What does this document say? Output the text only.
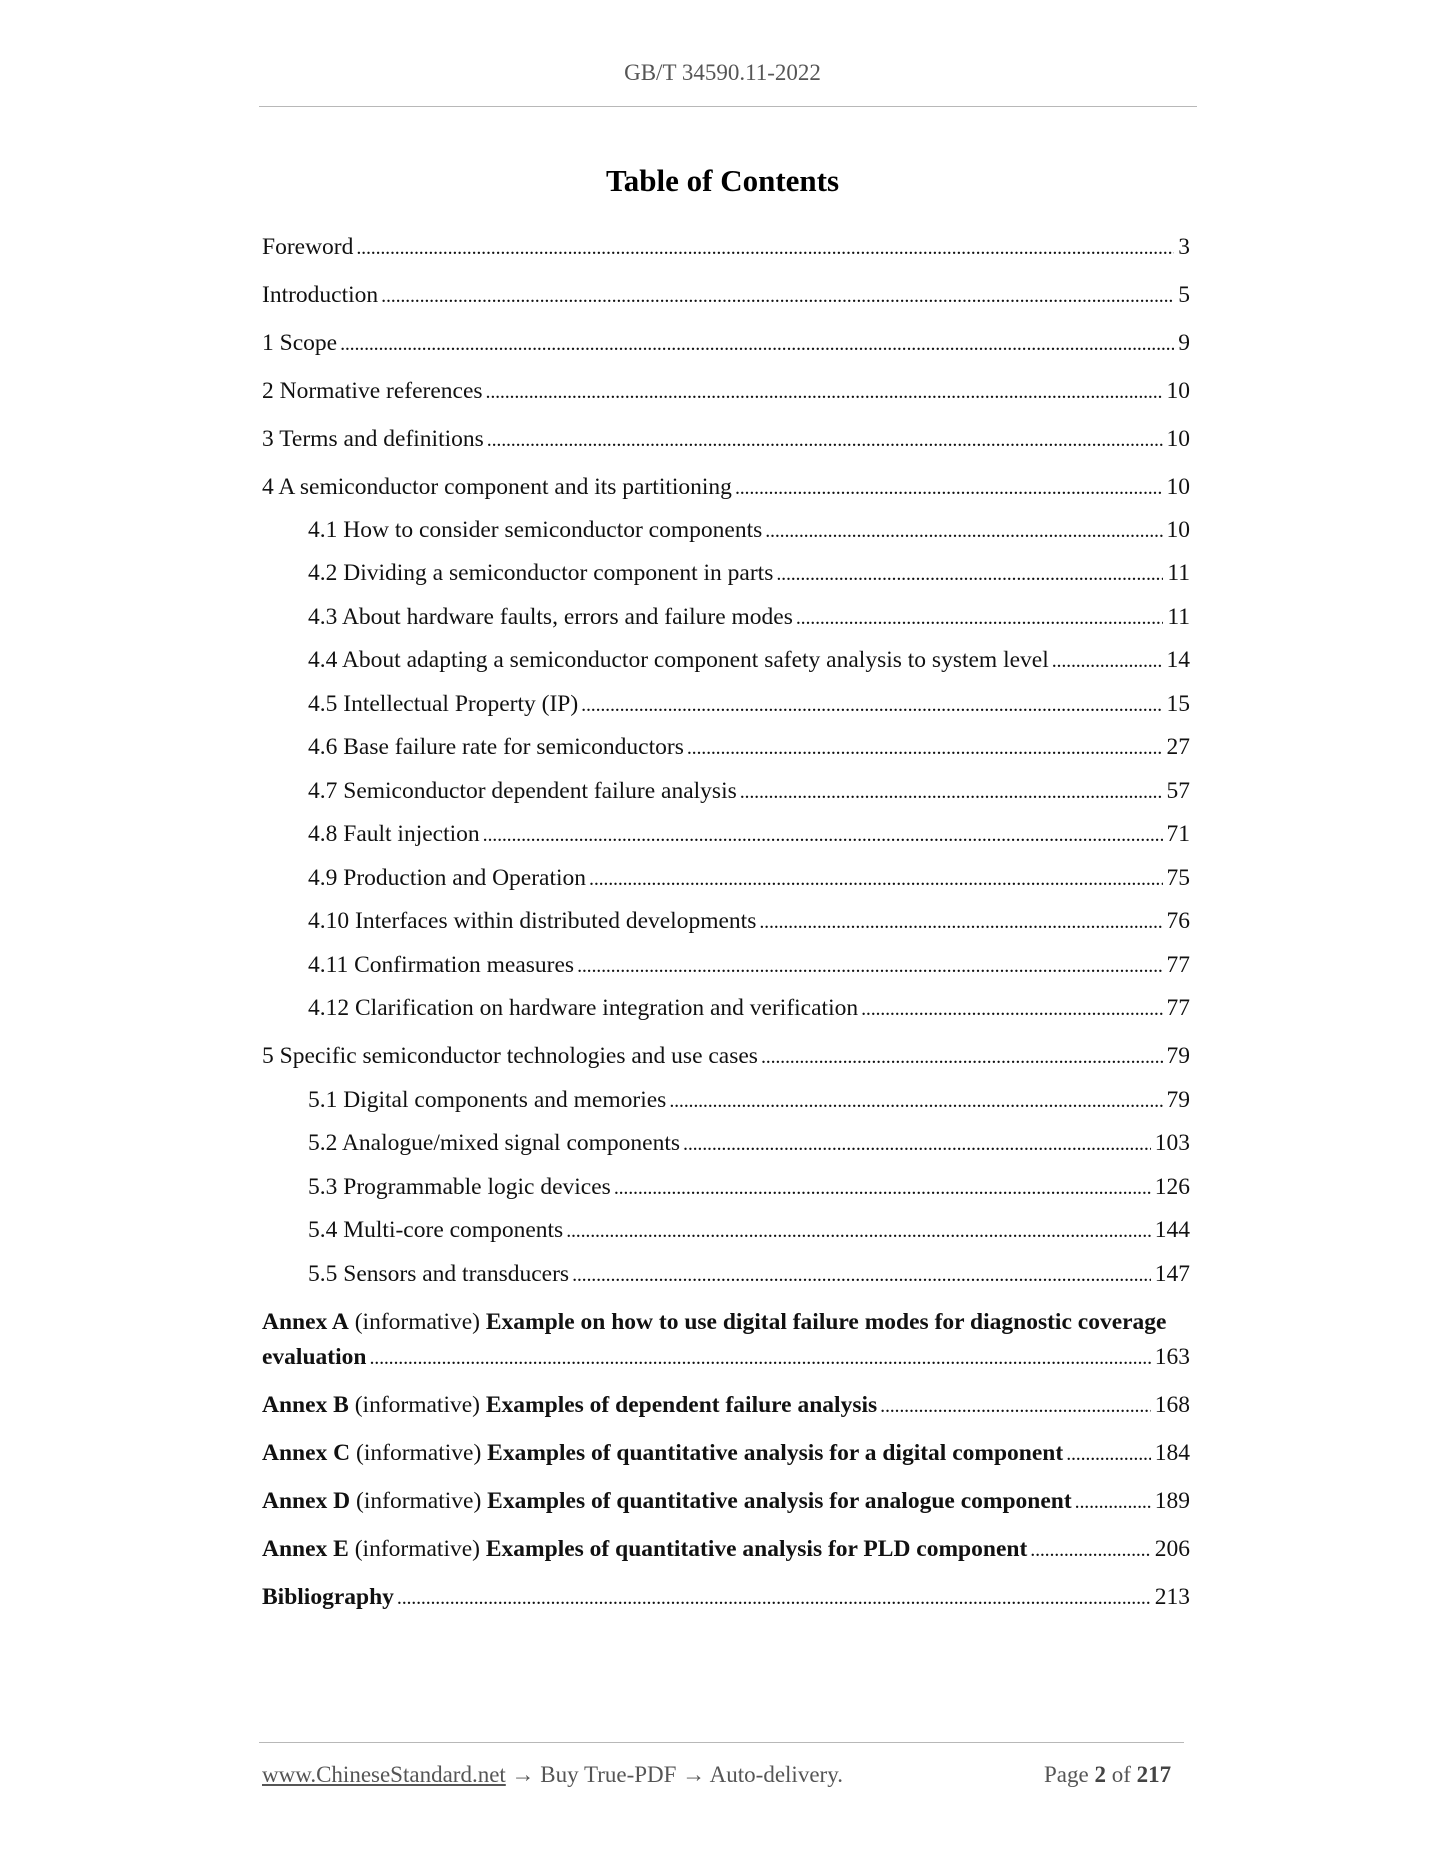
GB/T 34590.11-2022
Table of Contents
Foreword . . .	3
Introduction . . .	5
1 Scope . . .	9
2 Normative references . . .	10
3 Terms and definitions . . .	10
4 A semiconductor component and its partitioning . . .	10
4.1 How to consider semiconductor components . . .	10
4.2 Dividing a semiconductor component in parts . . .	11
4.3 About hardware faults, errors and failure modes . . .	11
4.4 About adapting a semiconductor component safety analysis to system level . . .	14
4.5 Intellectual Property (IP) . . .	15
4.6 Base failure rate for semiconductors . . .	27
4.7 Semiconductor dependent failure analysis . . .	57
4.8 Fault injection . . .	71
4.9 Production and Operation . . .	75
4.10 Interfaces within distributed developments . . .	76
4.11 Confirmation measures . . .	77
4.12 Clarification on hardware integration and verification . . .	77
5 Specific semiconductor technologies and use cases . . .	79
5.1 Digital components and memories . . .	79
5.2 Analogue/mixed signal components . . .	103
5.3 Programmable logic devices . . .	126
5.4 Multi-core components . . .	144
5.5 Sensors and transducers . . .	147
Annex A (informative) Example on how to use digital failure modes for diagnostic coverage
evaluation . . .	163
Annex B (informative) Examples of dependent failure analysis . . .	168
Annex C (informative) Examples of quantitative analysis for a digital component . . .	184
Annex D (informative) Examples of quantitative analysis for analogue component . . .	189
Annex E (informative) Examples of quantitative analysis for PLD component . . .	206
Bibliography . . .	213
www.ChineseStandard.net → Buy True-PDF → Auto-delivery.	Page 2 of 217
